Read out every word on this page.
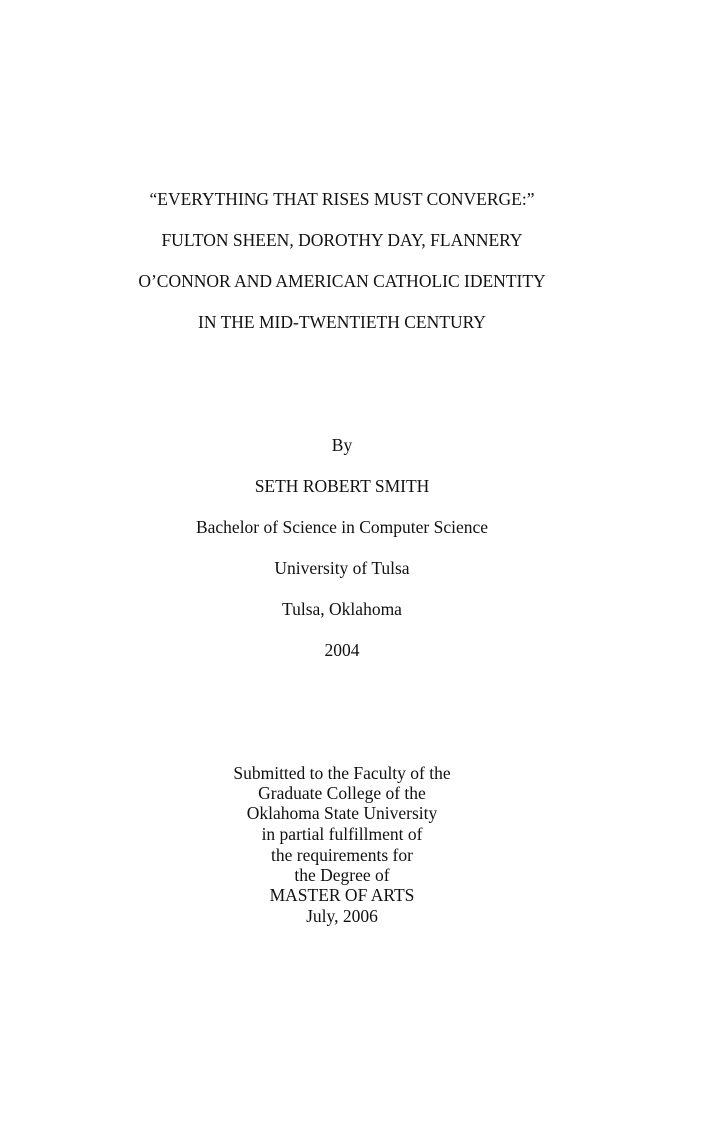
“EVERYTHING THAT RISES MUST CONVERGE:”
FULTON SHEEN, DOROTHY DAY, FLANNERY
O’CONNOR AND AMERICAN CATHOLIC IDENTITY
IN THE MID-TWENTIETH CENTURY
By
SETH ROBERT SMITH
Bachelor of Science in Computer Science
University of Tulsa
Tulsa, Oklahoma
2004
Submitted to the Faculty of the
Graduate College of the
Oklahoma State University
in partial fulfillment of
the requirements for
the Degree of
MASTER OF ARTS
July, 2006
